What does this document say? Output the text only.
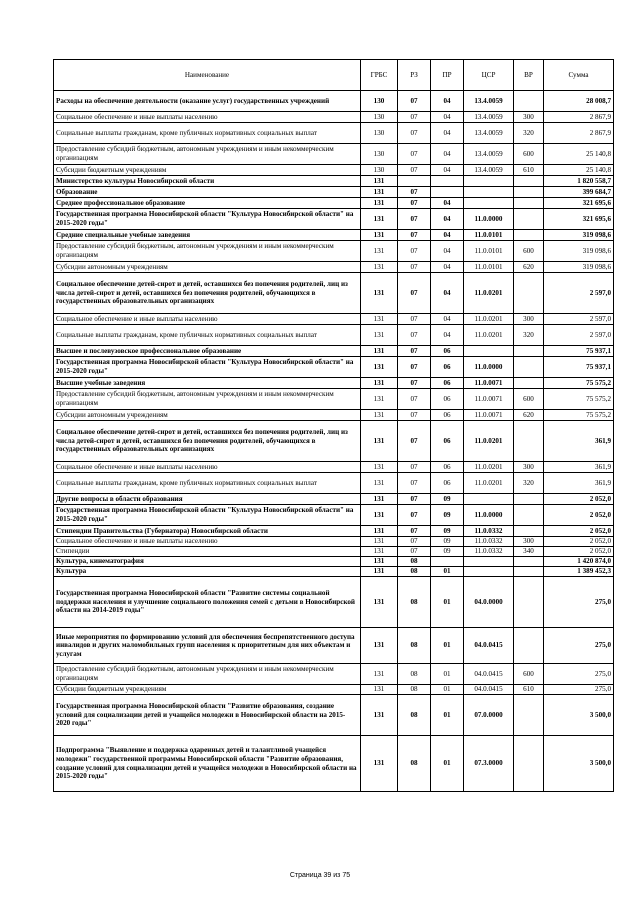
Наименование	ГРБС	РЗ	ПР	ЦСР	ВР	Сумма
Расходы на обеспечение деятельности (оказание услуг) государственных учреждений	130	07	04	13.4.0059		28 008,7
Социальное обеспечение и иные выплаты населению	130	07	04	13.4.0059	300	2 867,9
Социальные выплаты гражданам, кроме публичных нормативных социальных выплат	130	07	04	13.4.0059	320	2 867,9
Предоставление субсидий бюджетным, автономным учреждениям и иным некоммерческим организациям	130	07	04	13.4.0059	600	25 140,8
Субсидии бюджетным учреждениям	130	07	04	13.4.0059	610	25 140,8
Министерство культуры Новосибирской области	131					1 820 558,7
Образование	131	07				399 684,7
Среднее профессиональное образование	131	07	04			321 695,6
Государственная программа Новосибирской области "Культура Новосибирской области" на 2015-2020 годы"	131	07	04	11.0.0000		321 695,6
Средние специальные учебные заведения	131	07	04	11.0.0101		319 098,6
Предоставление субсидий бюджетным, автономным учреждениям и иным некоммерческим организациям	131	07	04	11.0.0101	600	319 098,6
Субсидии автономным учреждениям	131	07	04	11.0.0101	620	319 098,6
Социальное обеспечение детей-сирот и детей, оставшихся без попечения родителей, лиц из числа детей-сирот и детей, оставшихся без попечения родителей, обучающихся в государственных образовательных организациях	131	07	04	11.0.0201		2 597,0
Социальное обеспечение и иные выплаты населению	131	07	04	11.0.0201	300	2 597,0
Социальные выплаты гражданам, кроме публичных нормативных социальных выплат	131	07	04	11.0.0201	320	2 597,0
Высшее и послевузовское профессиональное образование	131	07	06			75 937,1
Государственная программа Новосибирской области "Культура Новосибирской области" на 2015-2020 годы"	131	07	06	11.0.0000		75 937,1
Высшие учебные заведения	131	07	06	11.0.0071		75 575,2
Предоставление субсидий бюджетным, автономным учреждениям и иным некоммерческим организациям	131	07	06	11.0.0071	600	75 575,2
Субсидии автономным учреждениям	131	07	06	11.0.0071	620	75 575,2
Социальное обеспечение детей-сирот и детей, оставшихся без попечения родителей, лиц из числа детей-сирот и детей, оставшихся без попечения родителей, обучающихся в государственных образовательных организациях	131	07	06	11.0.0201		361,9
Социальное обеспечение и иные выплаты населению	131	07	06	11.0.0201	300	361,9
Социальные выплаты гражданам, кроме публичных нормативных социальных выплат	131	07	06	11.0.0201	320	361,9
Другие вопросы в области образования	131	07	09			2 052,0
Государственная программа Новосибирской области "Культура Новосибирской области" на 2015-2020 годы"	131	07	09	11.0.0000		2 052,0
Стипендии Правительства (Губернатора) Новосибирской области	131	07	09	11.0.0332		2 052,0
Социальное обеспечение и иные выплаты населению	131	07	09	11.0.0332	300	2 052,0
Стипендии	131	07	09	11.0.0332	340	2 052,0
Культура, кинематография	131	08				1 420 874,0
Культура	131	08	01			1 389 452,3
Государственная программа Новосибирской области "Развитие системы социальной поддержки населения и улучшение социального положения семей с детьми в Новосибирской области на 2014-2019 годы"	131	08	01	04.0.0000		275,0
Иные мероприятия по формированию условий для обеспечения беспрепятственного доступа инвалидов и других маломобильных групп населения к приоритетным для них объектам и услугам	131	08	01	04.0.0415		275,0
Предоставление субсидий бюджетным, автономным учреждениям и иным некоммерческим организациям	131	08	01	04.0.0415	600	275,0
Субсидии бюджетным учреждениям	131	08	01	04.0.0415	610	275,0
Государственная программа Новосибирской области "Развитие образования, создание условий для социализации детей и учащейся молодежи в Новосибирской области на 2015-2020 годы"	131	08	01	07.0.0000		3 500,0
Подпрограмма "Выявление и поддержка одаренных детей и талантливой учащейся молодежи" государственной программы Новосибирской области "Развитие образования, создание условий для социализации детей и учащейся молодежи в Новосибирской области на 2015-2020 годы"	131	08	01	07.3.0000		3 500,0
Страница 39 из 75
